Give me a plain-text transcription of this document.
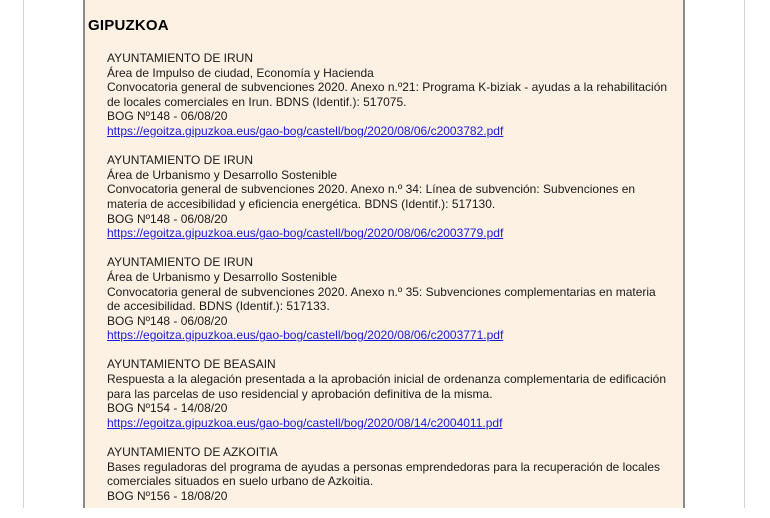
GIPUZKOA
AYUNTAMIENTO DE IRUN
Área de Impulso de ciudad, Economía y Hacienda
Convocatoria general de subvenciones 2020. Anexo n.º21: Programa K-biziak - ayudas a la rehabilitación de locales comerciales en Irun. BDNS (Identif.): 517075.
BOG Nº148 - 06/08/20
https://egoitza.gipuzkoa.eus/gao-bog/castell/bog/2020/08/06/c2003782.pdf
AYUNTAMIENTO DE IRUN
Área de Urbanismo y Desarrollo Sostenible
Convocatoria general de subvenciones 2020. Anexo n.º 34: Línea de subvención: Subvenciones en materia de accesibilidad y eficiencia energética. BDNS (Identif.): 517130.
BOG Nº148 - 06/08/20
https://egoitza.gipuzkoa.eus/gao-bog/castell/bog/2020/08/06/c2003779.pdf
AYUNTAMIENTO DE IRUN
Área de Urbanismo y Desarrollo Sostenible
Convocatoria general de subvenciones 2020. Anexo n.º 35: Subvenciones complementarias en materia de accesibilidad. BDNS (Identif.): 517133.
BOG Nº148 - 06/08/20
https://egoitza.gipuzkoa.eus/gao-bog/castell/bog/2020/08/06/c2003771.pdf
AYUNTAMIENTO DE BEASAIN
Respuesta a la alegación presentada a la aprobación inicial de ordenanza complementaria de edificación para las parcelas de uso residencial y aprobación definitiva de la misma.
BOG Nº154 - 14/08/20
https://egoitza.gipuzkoa.eus/gao-bog/castell/bog/2020/08/14/c2004011.pdf
AYUNTAMIENTO DE AZKOITIA
Bases reguladoras del programa de ayudas a personas emprendedoras para la recuperación de locales comerciales situados en suelo urbano de Azkoitia.
BOG Nº156 - 18/08/20
